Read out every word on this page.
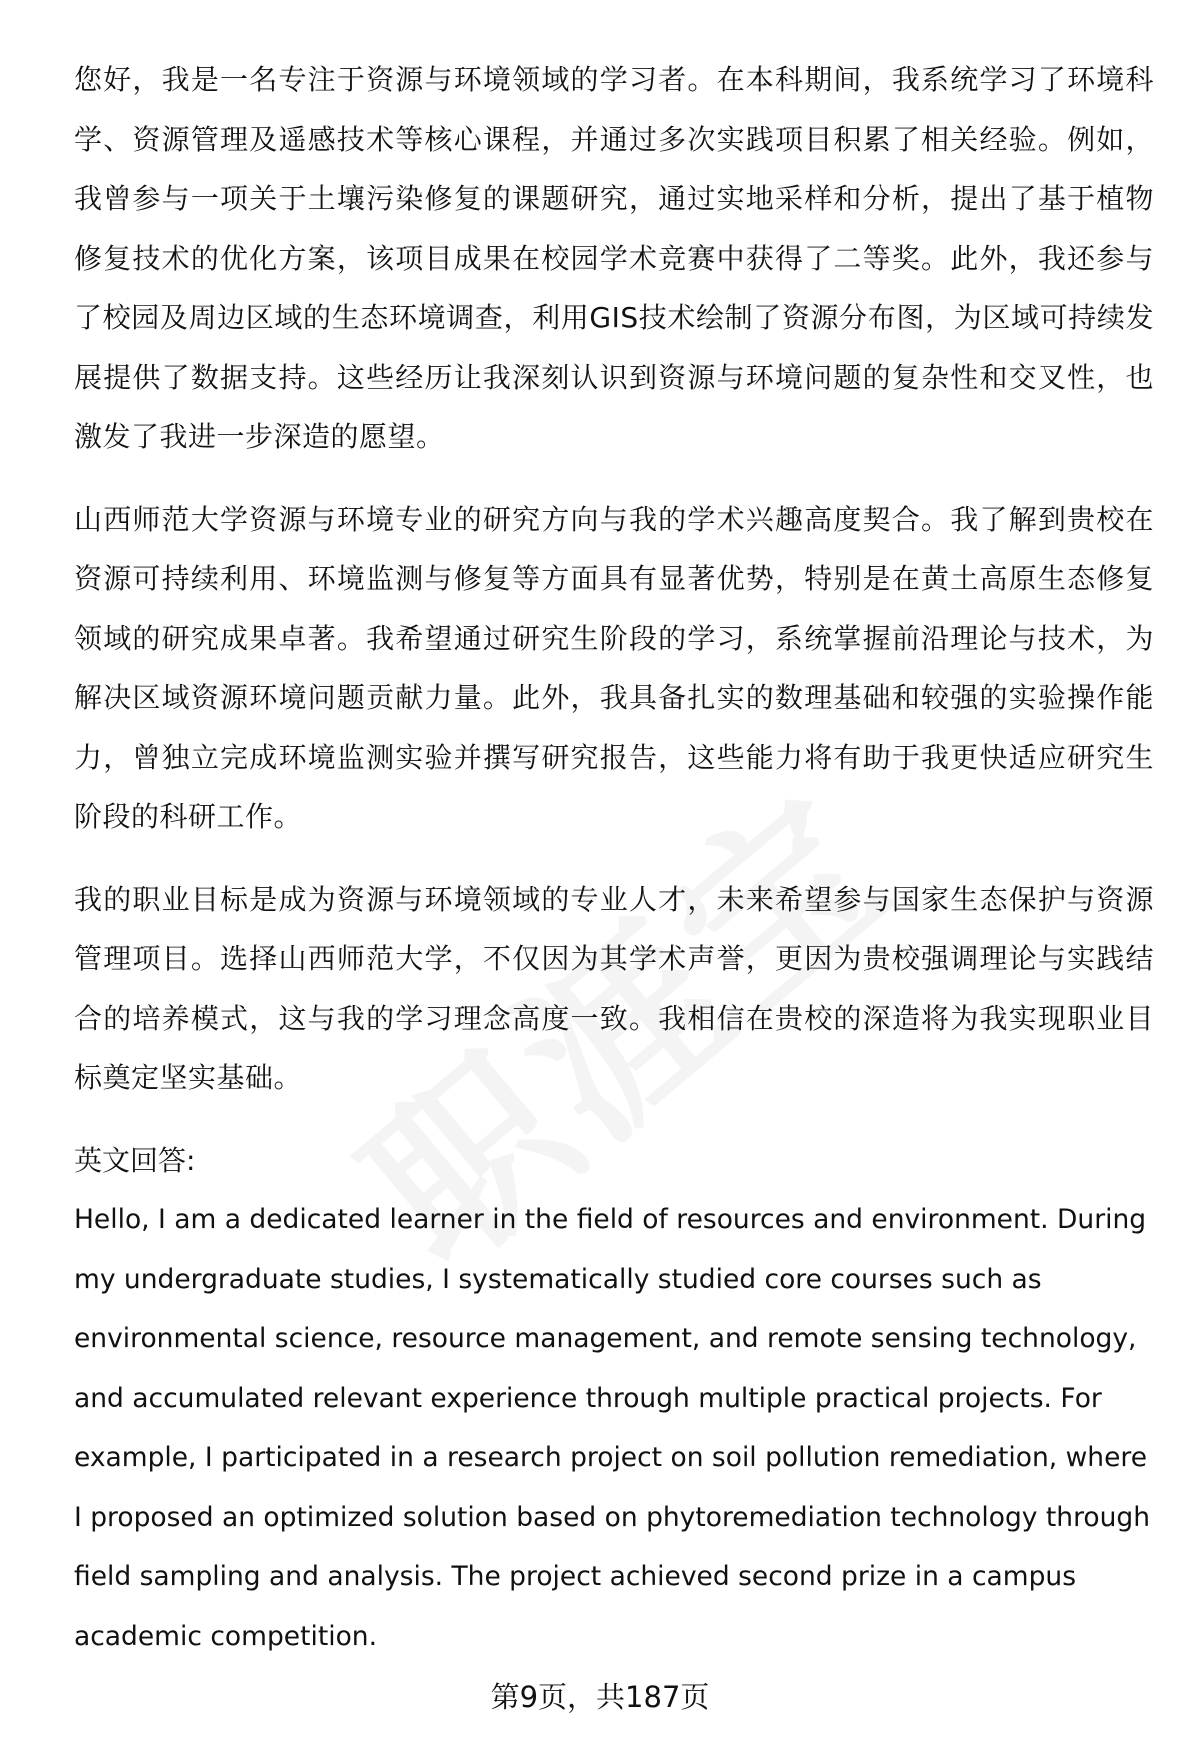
您好，我是一名专注于资源与环境领域的学习者。在本科期间，我系统学习了环境科学、资源管理及遥感技术等核心课程，并通过多次实践项目积累了相关经验。例如，我曾参与一项关于土壤污染修复的课题研究，通过实地采样和分析，提出了基于植物修复技术的优化方案，该项目成果在校园学术竞赛中获得了二等奖。此外，我还参与了校园及周边区域的生态环境调查，利用GIS技术绘制了资源分布图，为区域可持续发展提供了数据支持。这些经历让我深刻认识到资源与环境问题的复杂性和交叉性，也激发了我进一步深造的愿望。

山西师范大学资源与环境专业的研究方向与我的学术兴趣高度契合。我了解到贵校在资源可持续利用、环境监测与修复等方面具有显著优势，特别是在黄土高原生态修复领域的研究成果卓著。我希望通过研究生阶段的学习，系统掌握前沿理论与技术，为解决区域资源环境问题贡献力量。此外，我具备扎实的数理基础和较强的实验操作能力，曾独立完成环境监测实验并撰写研究报告，这些能力将有助于我更快适应研究生阶段的科研工作。

我的职业目标是成为资源与环境领域的专业人才，未来希望参与国家生态保护与资源管理项目。选择山西师范大学，不仅因为其学术声誉，更因为贵校强调理论与实践结合的培养模式，这与我的学习理念高度一致。我相信在贵校的深造将为我实现职业目标奠定坚实基础。

英文回答:

Hello, I am a dedicated learner in the field of resources and environment. During my undergraduate studies, I systematically studied core courses such as environmental science, resource management, and remote sensing technology, and accumulated relevant experience through multiple practical projects. For example, I participated in a research project on soil pollution remediation, where I proposed an optimized solution based on phytoremediation technology through field sampling and analysis. The project achieved second prize in a campus academic competition.

第9页，共187页
